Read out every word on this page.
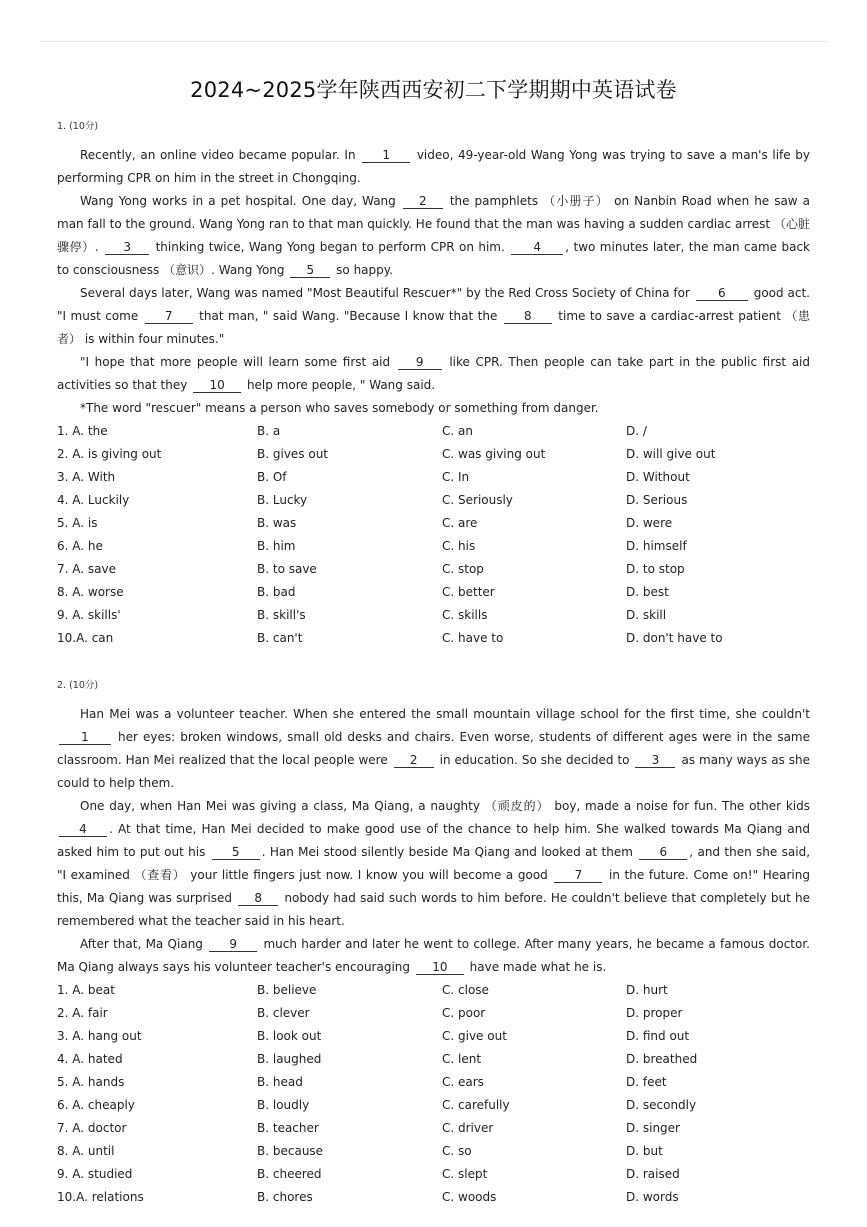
2024~2025学年陕西西安初二下学期期中英语试卷
1. (10分)

Recently, an online video became popular. In 1 video, 49-year-old Wang Yong was trying to save a man's life by performing CPR on him in the street in Chongqing.

Wang Yong works in a pet hospital. One day, Wang 2 the pamphlets （小册子） on Nanbin Road when he saw a man fall to the ground. Wang Yong ran to that man quickly. He found that the man was having a sudden cardiac arrest （心脏骤停）. 3 thinking twice, Wang Yong began to perform CPR on him. 4 , two minutes later, the man came back to consciousness （意识）. Wang Yong 5 so happy.

Several days later, Wang was named "Most Beautiful Rescuer*" by the Red Cross Society of China for 6 good act. "I must come 7 that man, " said Wang. "Because I know that the 8 time to save a cardiac-arrest patient （患者） is within four minutes."

"I hope that more people will learn some first aid 9 like CPR. Then people can take part in the public first aid activities so that they 10 help more people, " Wang said.

*The word "rescuer" means a person who saves somebody or something from danger.

1. A. the	B. a	C. an	D. /
2. A. is giving out	B. gives out	C. was giving out	D. will give out
3. A. With	B. Of	C. In	D. Without
4. A. Luckily	B. Lucky	C. Seriously	D. Serious
5. A. is	B. was	C. are	D. were
6. A. he	B. him	C. his	D. himself
7. A. save	B. to save	C. stop	D. to stop
8. A. worse	B. bad	C. better	D. best
9. A. skills'	B. skill's	C. skills	D. skill
10.A. can	B. can't	C. have to	D. don't have to
2. (10分)

Han Mei was a volunteer teacher. When she entered the small mountain village school for the first time, she couldn't 1 her eyes: broken windows, small old desks and chairs. Even worse, students of different ages were in the same classroom. Han Mei realized that the local people were 2 in education. So she decided to 3 as many ways as she could to help them.

One day, when Han Mei was giving a class, Ma Qiang, a naughty （顽皮的） boy, made a noise for fun. The other kids 4 . At that time, Han Mei decided to make good use of the chance to help him. She walked towards Ma Qiang and asked him to put out his 5 . Han Mei stood silently beside Ma Qiang and looked at them 6 , and then she said, "I examined （查看） your little fingers just now. I know you will become a good 7 in the future. Come on!" Hearing this, Ma Qiang was surprised 8 nobody had said such words to him before. He couldn't believe that completely but he remembered what the teacher said in his heart.

After that, Ma Qiang 9 much harder and later he went to college. After many years, he became a famous doctor. Ma Qiang always says his volunteer teacher's encouraging 10 have made what he is.

1. A. beat	B. believe	C. close	D. hurt
2. A. fair	B. clever	C. poor	D. proper
3. A. hang out	B. look out	C. give out	D. find out
4. A. hated	B. laughed	C. lent	D. breathed
5. A. hands	B. head	C. ears	D. feet
6. A. cheaply	B. loudly	C. carefully	D. secondly
7. A. doctor	B. teacher	C. driver	D. singer
8. A. until	B. because	C. so	D. but
9. A. studied	B. cheered	C. slept	D. raised
10.A. relations	B. chores	C. woods	D. words
